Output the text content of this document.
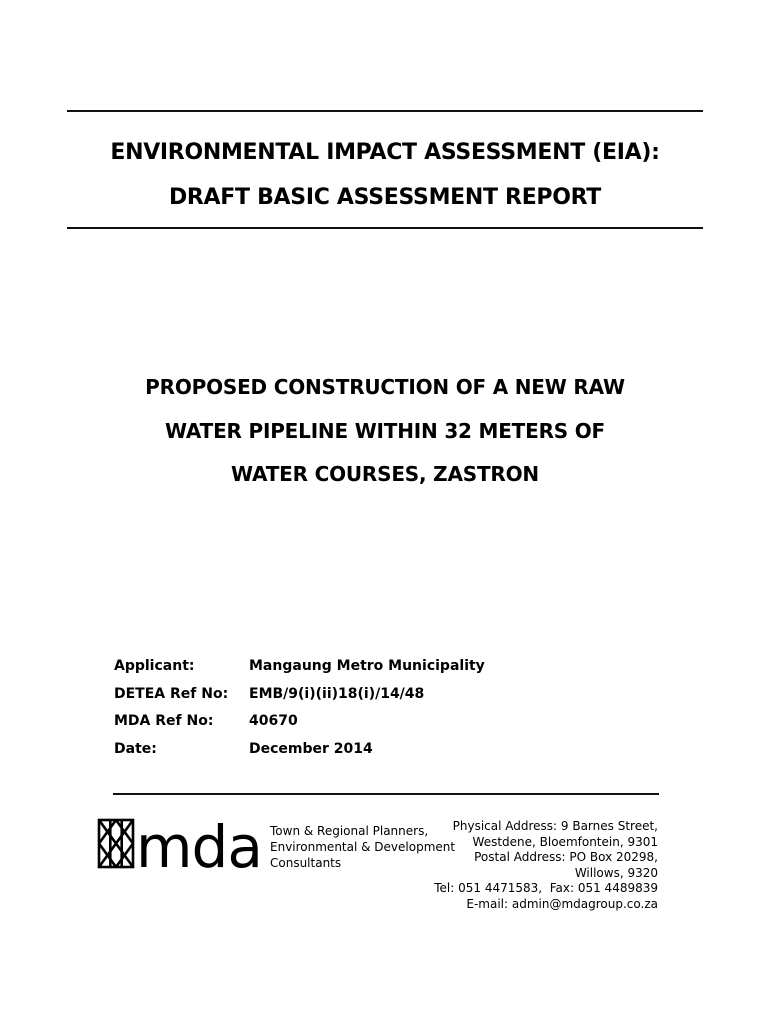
ENVIRONMENTAL IMPACT ASSESSMENT (EIA):
DRAFT BASIC ASSESSMENT REPORT
PROPOSED CONSTRUCTION OF A NEW RAW
WATER PIPELINE WITHIN 32 METERS OF
WATER COURSES, ZASTRON
Applicant:	Mangaung Metro Municipality
DETEA Ref No: EMB/9(i)(ii)18(i)/14/48
MDA Ref No:	40670
Date:	December 2014
mda Town & Regional Planners,
Environmental & Development
Consultants
Physical Address: 9 Barnes Street,
Westdene, Bloemfontein, 9301
Postal Address: PO Box 20298,
Willows, 9320
Tel: 051 4471583,  Fax: 051 4489839
E-mail: admin@mdagroup.co.za
